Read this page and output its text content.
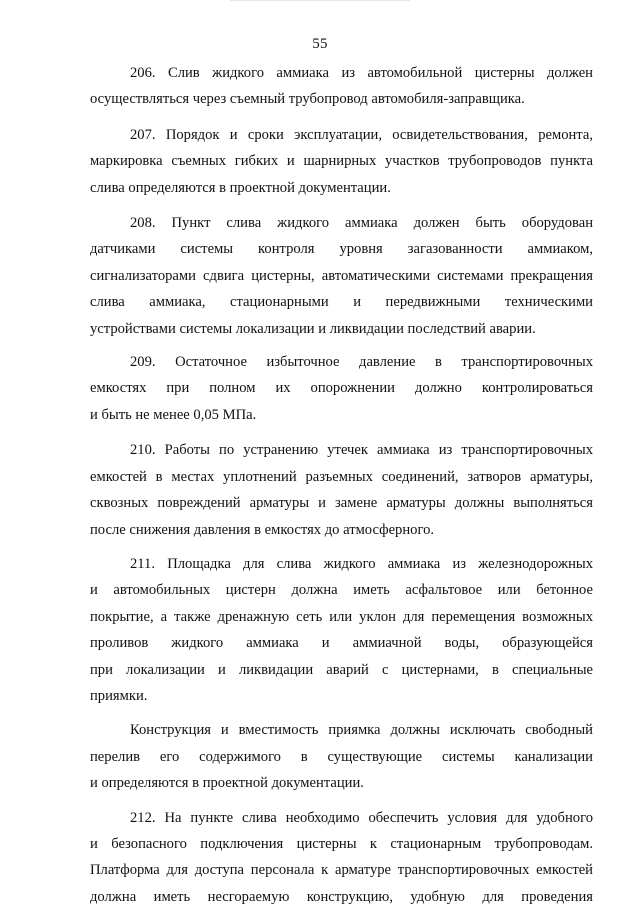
55
206. Слив жидкого аммиака из автомобильной цистерны должен
осуществляться через съемный трубопровод автомобиля-заправщика.
207. Порядок и сроки эксплуатации, освидетельствования, ремонта,
маркировка съемных гибких и шарнирных участков трубопроводов пункта
слива определяются в проектной документации.
208. Пункт слива жидкого аммиака должен быть оборудован
датчиками системы контроля уровня загазованности аммиаком,
сигнализаторами сдвига цистерны, автоматическими системами прекращения
слива аммиака, стационарными и передвижными техническими
устройствами системы локализации и ликвидации последствий аварии.
209. Остаточное избыточное давление в транспортировочных
емкостях при полном их опорожнении должно контролироваться
и быть не менее 0,05 МПа.
210. Работы по устранению утечек аммиака из транспортировочных
емкостей в местах уплотнений разъемных соединений, затворов арматуры,
сквозных повреждений арматуры и замене арматуры должны выполняться
после снижения давления в емкостях до атмосферного.
211. Площадка для слива жидкого аммиака из железнодорожных
и автомобильных цистерн должна иметь асфальтовое или бетонное
покрытие, а также дренажную сеть или уклон для перемещения возможных
проливов жидкого аммиака и аммиачной воды, образующейся
при локализации и ликвидации аварий с цистернами, в специальные
приямки.
Конструкция и вместимость приямка должны исключать свободный
перелив его содержимого в существующие системы канализации
и определяются в проектной документации.
212. На пункте слива необходимо обеспечить условия для удобного
и безопасного подключения цистерны к стационарным трубопроводам.
Платформа для доступа персонала к арматуре транспортировочных емкостей
должна иметь несгораемую конструкцию, удобную для проведения
